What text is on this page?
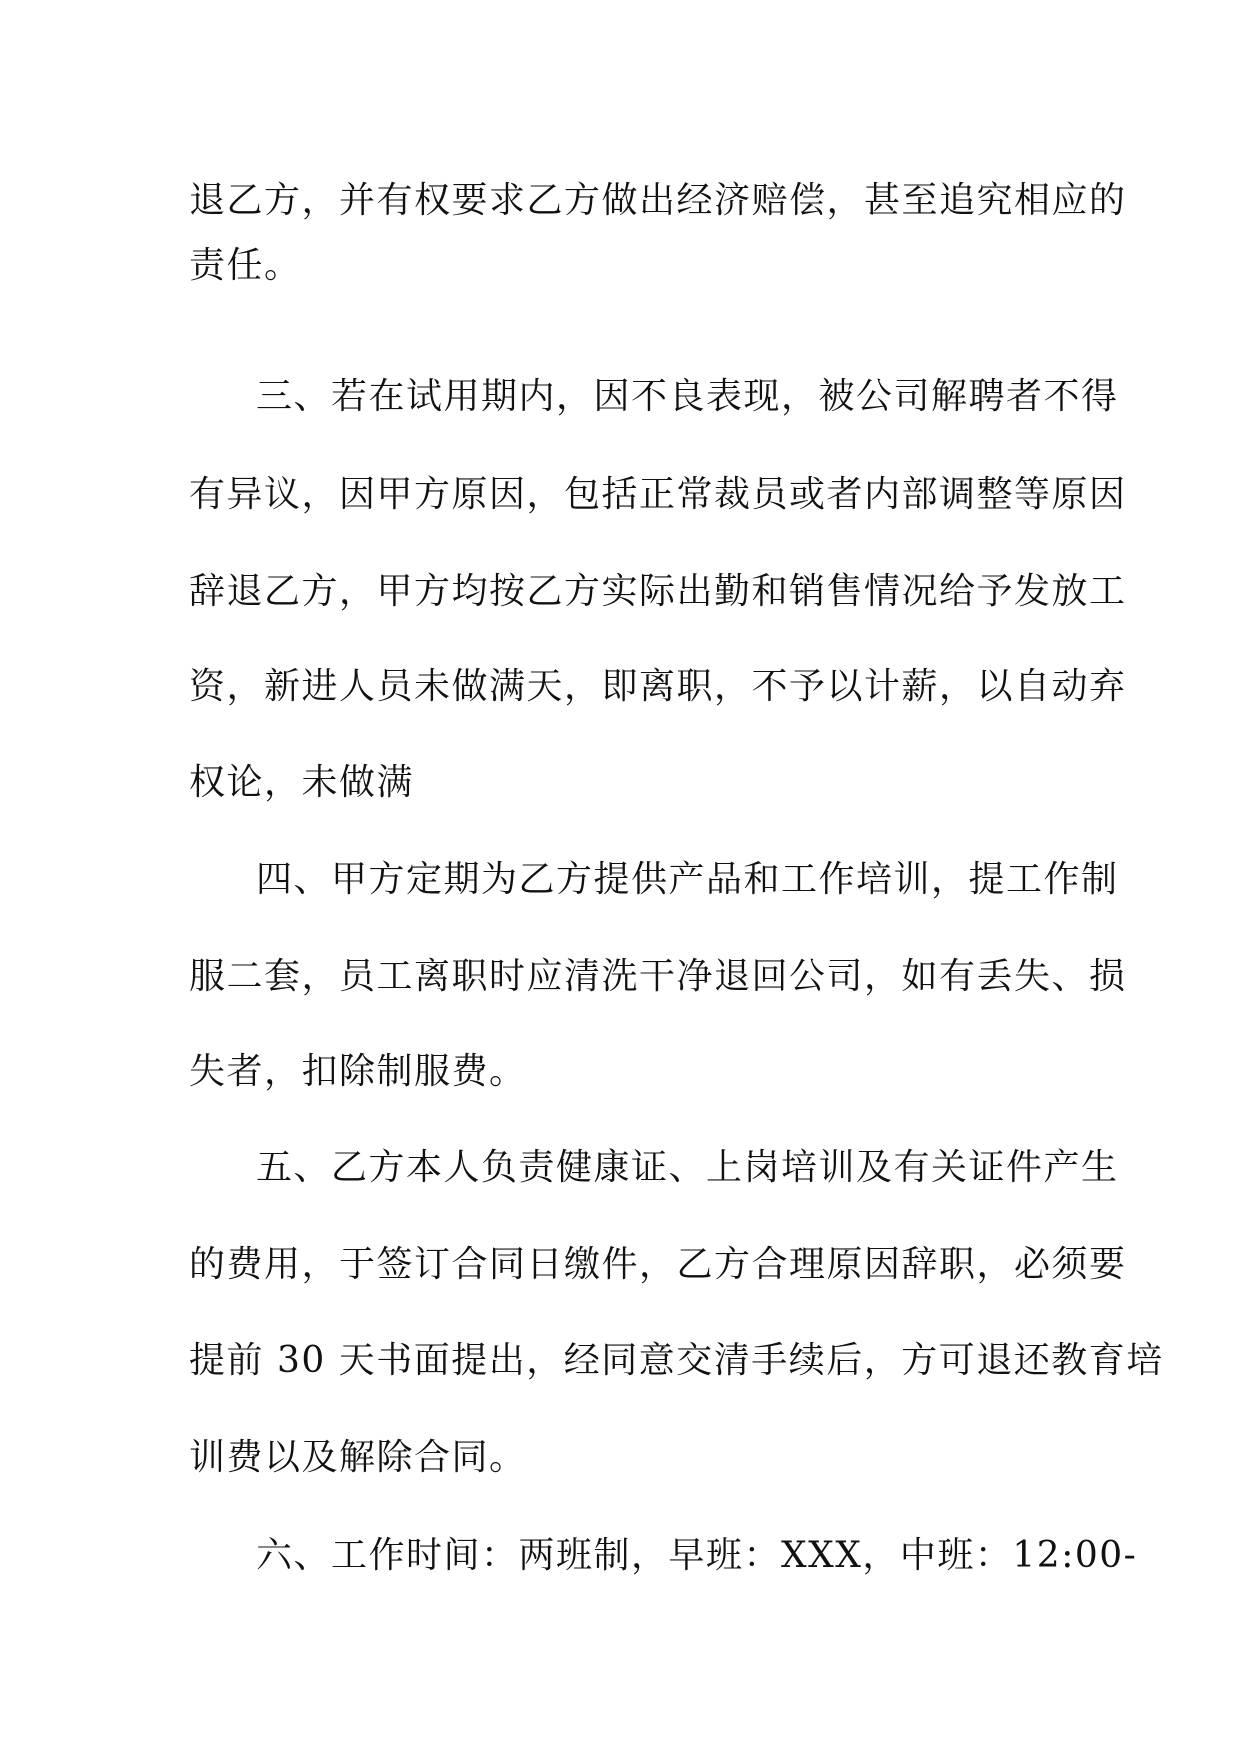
退乙方，并有权要求乙方做出经济赔偿，甚至追究相应的
责任。
三、若在试用期内，因不良表现，被公司解聘者不得
有异议，因甲方原因，包括正常裁员或者内部调整等原因
辞退乙方，甲方均按乙方实际出勤和销售情况给予发放工
资，新进人员未做满天，即离职，不予以计薪，以自动弃
权论，未做满
四、甲方定期为乙方提供产品和工作培训，提工作制
服二套，员工离职时应清洗干净退回公司，如有丢失、损
失者，扣除制服费。
五、乙方本人负责健康证、上岗培训及有关证件产生
的费用，于签订合同日缴件，乙方合理原因辞职，必须要
提前 30 天书面提出，经同意交清手续后，方可退还教育培
训费以及解除合同。
六、工作时间：两班制，早班：XXX，中班：12:00-
